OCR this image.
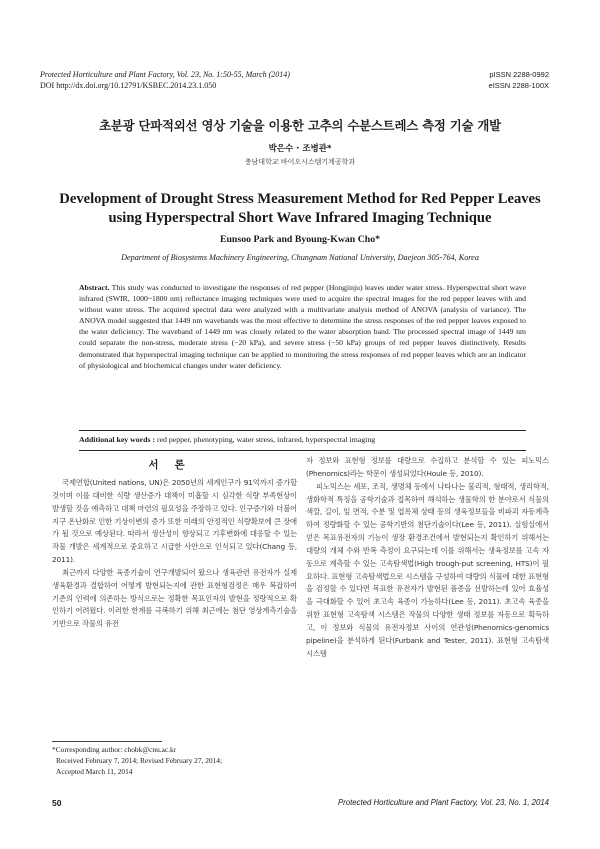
Protected Horticulture and Plant Factory, Vol. 23, No. 1:50-55, March (2014)
DOI http://dx.doi.org/10.12791/KSBEC.2014.23.1.050
pISSN 2288-0992
eISSN 2288-100X
초분광 단파적외선 영상 기술을 이용한 고추의 수분스트레스 측정 기술 개발
박은수 · 조병관*
충남대학교 바이오시스템기계공학과
Development of Drought Stress Measurement Method for Red Pepper Leaves
using Hyperspectral Short Wave Infrared Imaging Technique
Eunsoo Park and Byoung-Kwan Cho*
Department of Biosystems Machinery Engineering, Chungnam National University, Daejeon 305-764, Korea
Abstract. This study was conducted to investigate the responses of red pepper (Hongjinju) leaves under water stress. Hyperspectral short wave infrared (SWIR, 1000~1800 nm) reflectance imaging techniques were used to acquire the spectral images for the red pepper leaves with and without water stress. The acquired spectral data were analyzed with a multivariate analysis method of ANOVA (analysis of variance). The ANOVA model suggested that 1449 nm wavebands was the most effective to determine the stress responses of the red pepper leaves exposed to the water deficiency. The waveband of 1449 nm was closely related to the water absorption band. The processed spectral image of 1449 nm could separate the non-stress, moderate stress (−20 kPa), and severe stress (−50 kPa) groups of red pepper leaves distinctively. Results demonstrated that hyperspectral imaging technique can be applied to monitoring the stress responses of red pepper leaves which are an indicator of physiological and biochemical changes under water deficiency.
Additional key words : red pepper, phenotyping, water stress, infrared, hyperspectral imaging
서론

국제연합(United nations, UN)은 2050년의 세계인구가 91억까지 증가할 것이며 이를 대비한 식량 생산증가 대책이 미흡할 시 심각한 식량 부족현상이 발생할 것을 예측하고 대책 마련의 필요성을 주장하고 있다. 인구증가와 더불어 지구 온난화로 인한 기상이변의 증가 또한 미래의 안정적인 식량확보에 큰 장애가 될 것으로 예상된다. 따라서 생산성이 향상되고 기후변화에 대응할 수 있는 작물 개발은 세계적으로 중요하고 시급한 사안으로 인식되고 있다(Chang 등, 2011).

최근까지 다양한 육종기술이 연구개발되어 왔으나 생육관련 유전자가 실제생육환경과 결합하여 어떻게 발현되는지에 관한 표현형검정은 매우 복잡하여 기존의 인력에 의존하는 방식으로는 정확한 목표인자의 발현을 정량적으로 확인하기 어려웠다. 이러한 한계를 극복하기 위해 최근에는 첨단 영상계측기술을 기반으로 작물의 유전

*Corresponding author: chobk@cnu.ac.kr
Received February 7, 2014; Revised February 27, 2014;
Accepted March 11, 2014

자 정보와 표현형 정보를 대량으로 수집하고 분석할 수 있는 피노믹스(Phenomics)라는 학문이 생성되었다(Houle 등, 2010).

피노믹스는 세포, 조직, 생명체 등에서 나타나는 물리적, 형태적, 생리학적, 생화학적 특징을 공학기술과 접목하여 해석하는 생물학의 한 분야로서 식물의 색깔, 길이, 잎 면적, 수분 및 엽록체 상태 등의 생육정보들을 비파괴 자동계측하여 정량화할 수 있는 공학기반의 첨단기술이다(Lee 등, 2011). 실험실에서 얻은 목표유전자의 기능이 생장 환경조건에서 발현되는지 확인하기 위해서는 대량의 개체 수와 반복 측정이 요구되는데 이를 위해서는 생육정보를 고속 자동으로 계측할 수 있는 고속탐색법(High trough-put screening, HTS)이 필요하다. 표현형 고속탐색법으로 시스템을 구성하여 대량의 식물에 대한 표현형을 검정할 수 있다면 목표한 유전자가 발현된 품종을 선발하는데 있어 효율성을 극대화할 수 있어 초고속 육종이 가능하다(Lee 등, 2011). 초고속 육종을 위한 표현형 고속탐색 시스템은 작물의 다양한 생태 정보를 자동으로 획득하고, 이 정보와 식물의 유전자정보 사이의 연관성(Phenomics-genomics pipeline)을 분석하게 된다(Furbank and Tester, 2011). 표현형 고속탐색 시스템

50	Protected Horticulture and Plant Factory, Vol. 23, No. 1, 2014
